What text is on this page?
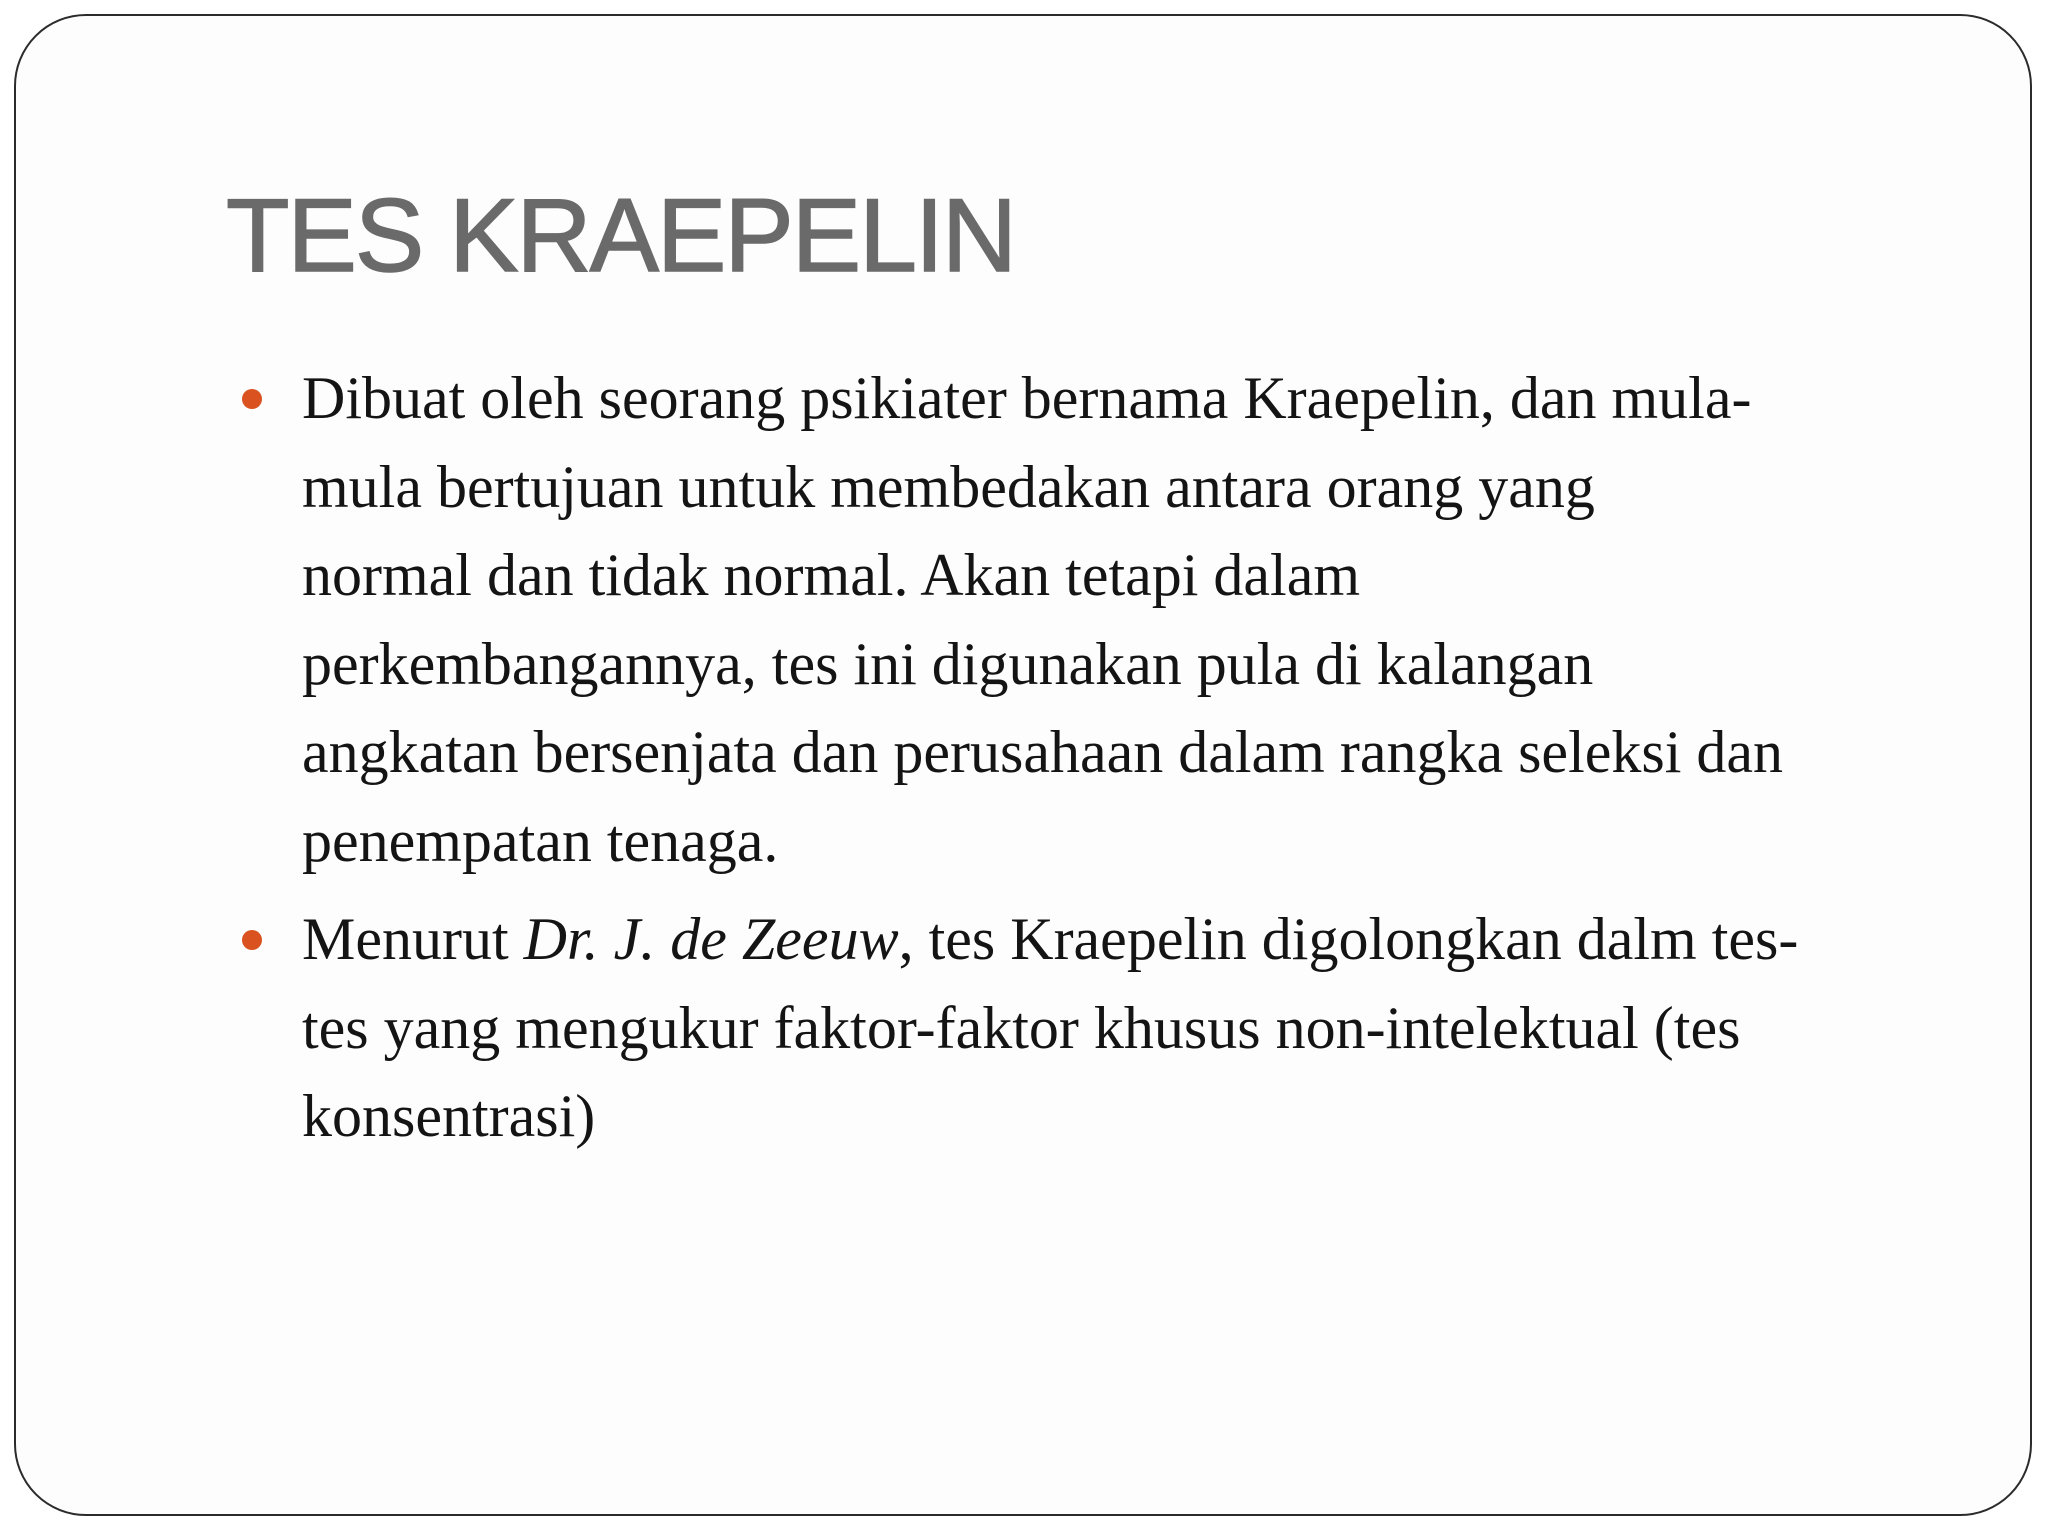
TES KRAEPELIN
Dibuat oleh seorang psikiater bernama Kraepelin, dan mula-
mula bertujuan untuk membedakan antara orang yang
normal dan tidak normal. Akan tetapi dalam
perkembangannya, tes ini digunakan pula di kalangan
angkatan bersenjata dan perusahaan dalam rangka seleksi dan
penempatan tenaga.
Menurut Dr. J. de Zeeuw, tes Kraepelin digolongkan dalm tes-
tes yang mengukur faktor-faktor khusus non-intelektual (tes
konsentrasi)
